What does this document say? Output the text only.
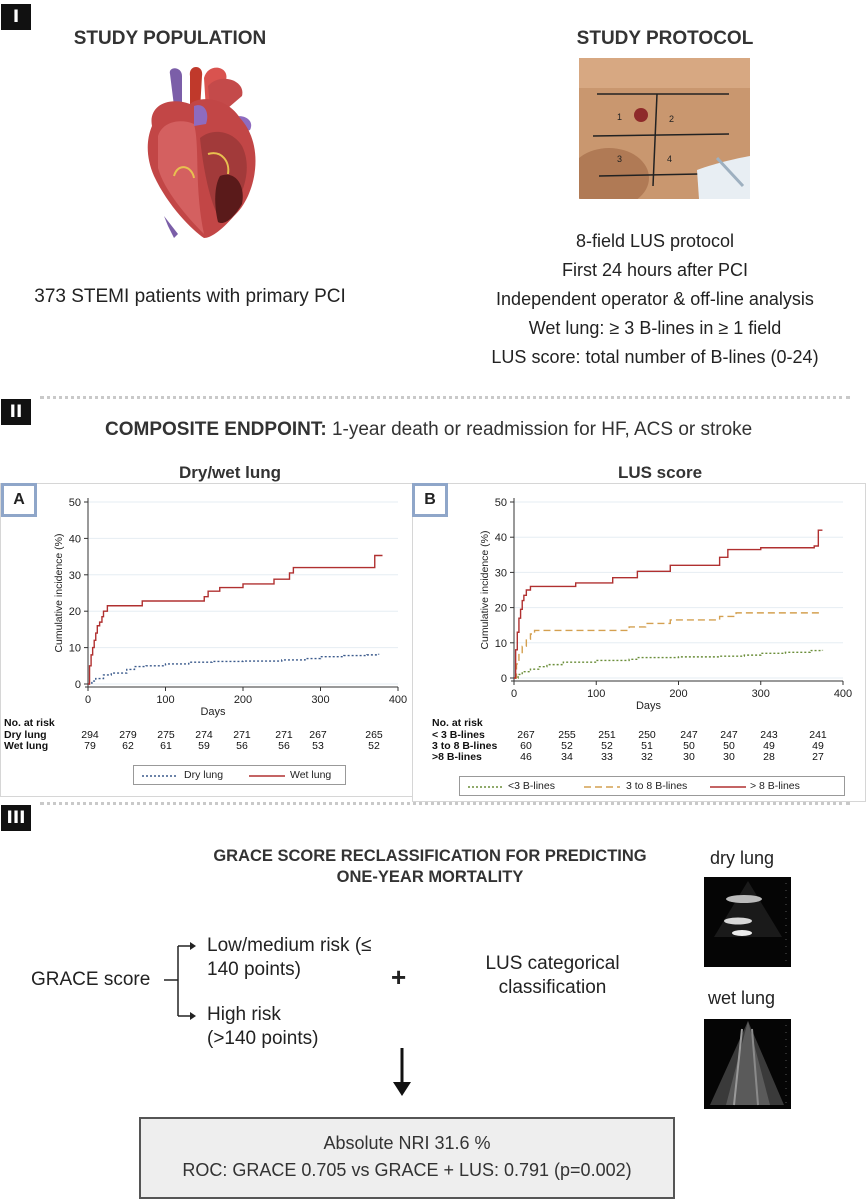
I
STUDY POPULATION
373 STEMI patients with primary PCI
STUDY PROTOCOL
1	2
3	4
8-field LUS protocol
First 24 hours after PCI
Independent operator & off-line analysis
Wet lung: ≥ 3 B-lines in ≥ 1 field
LUS score: total number of B-lines (0-24)
II
COMPOSITE ENDPOINT: 1-year death or readmission for HF, ACS or stroke
Dry/wet lung	LUS score
A	B
0
10
20
30
40
50
0	100	200	300	400
Days
Cumulative incidence (%)
0
10
20
30
40
50
0	100	200	300	400
Days
Cumulative incidence (%)
No. at risk
Dry lung	294	279	275	274	271	271	267	265
Wet lung	79	62	61	59	56	56	53	52
No. at risk
< 3 B-lines	267	255	251	250	247	247	243	241
3 to 8 B-lines	60	52	52	51	50	50	49	49
>8 B-lines	46	34	33	32	30	30	28	27
Dry lung	Wet lung
<3 B-lines	3 to 8 B-lines	> 8 B-lines
III
GRACE SCORE RECLASSIFICATION FOR PREDICTING
ONE-YEAR MORTALITY
GRACE score
Low/medium risk (≤
140 points)
High risk
(>140 points)
+	LUS categorical
classification
dry lung
wet lung
Absolute NRI 31.6 %
ROC: GRACE 0.705 vs GRACE + LUS: 0.791 (p=0.002)
